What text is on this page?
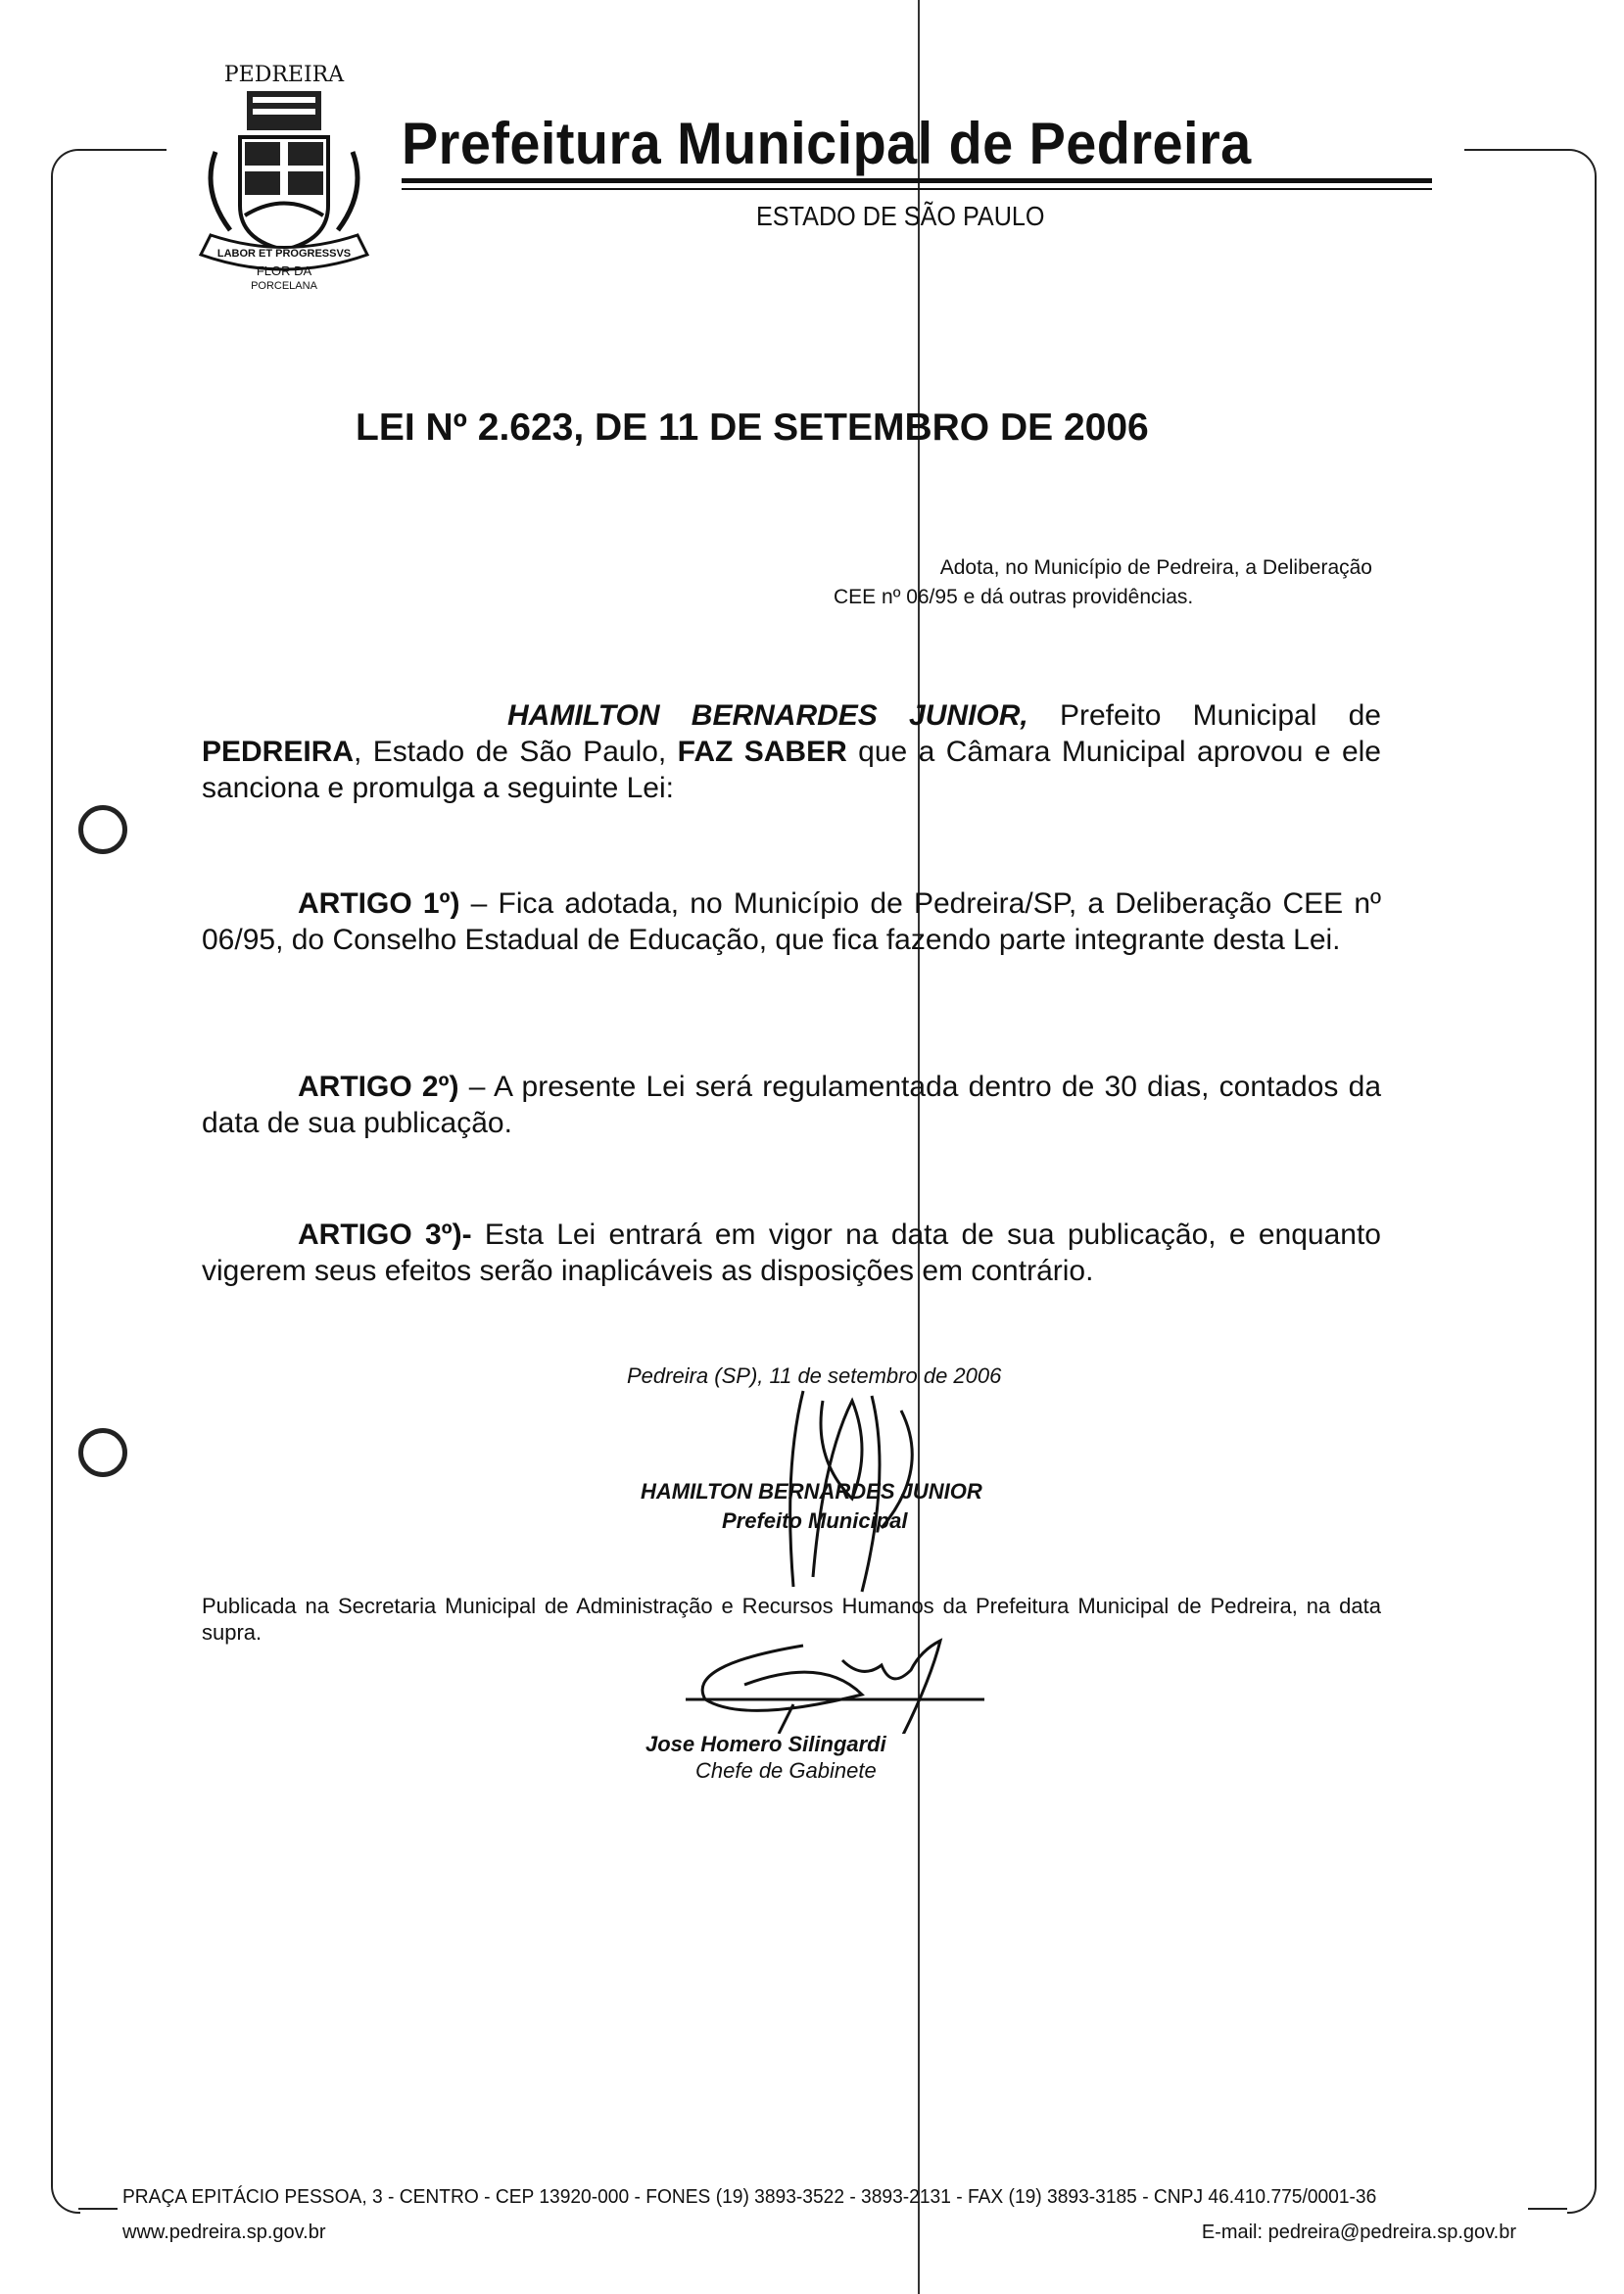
PEDREIRA
LABOR ET PROGRESSVS
FLOR DA
PORCELANA
Prefeitura Municipal de Pedreira
ESTADO DE SÃO PAULO
LEI Nº 2.623, DE 11 DE SETEMBRO DE 2006
Adota, no Município de Pedreira, a Deliberação
CEE nº 06/95 e dá outras providências.
HAMILTON BERNARDES JUNIOR, Prefeito Municipal de PEDREIRA, Estado de São Paulo, FAZ SABER que a Câmara Municipal aprovou e ele sanciona e promulga a seguinte Lei:
ARTIGO 1º) – Fica adotada, no Município de Pedreira/SP, a Deliberação CEE nº 06/95, do Conselho Estadual de Educação, que fica fazendo parte integrante desta Lei.
ARTIGO 2º) – A presente Lei será regulamentada dentro de 30 dias, contados da data de sua publicação.
ARTIGO 3º)- Esta Lei entrará em vigor na data de sua publicação, e enquanto vigerem seus efeitos serão inaplicáveis as disposições em contrário.
Pedreira (SP), 11 de setembro de 2006
HAMILTON BERNARDES JUNIOR
Prefeito Municipal
Publicada na Secretaria Municipal de Administração e Recursos Humanos da Prefeitura Municipal de Pedreira, na data supra.
Jose Homero Silingardi
Chefe de Gabinete
PRAÇA EPITÁCIO PESSOA, 3 - CENTRO - CEP 13920-000 - FONES (19) 3893-3522 - 3893-2131 - FAX (19) 3893-3185 - CNPJ 46.410.775/0001-36
www.pedreira.sp.gov.br	E-mail: pedreira@pedreira.sp.gov.br
